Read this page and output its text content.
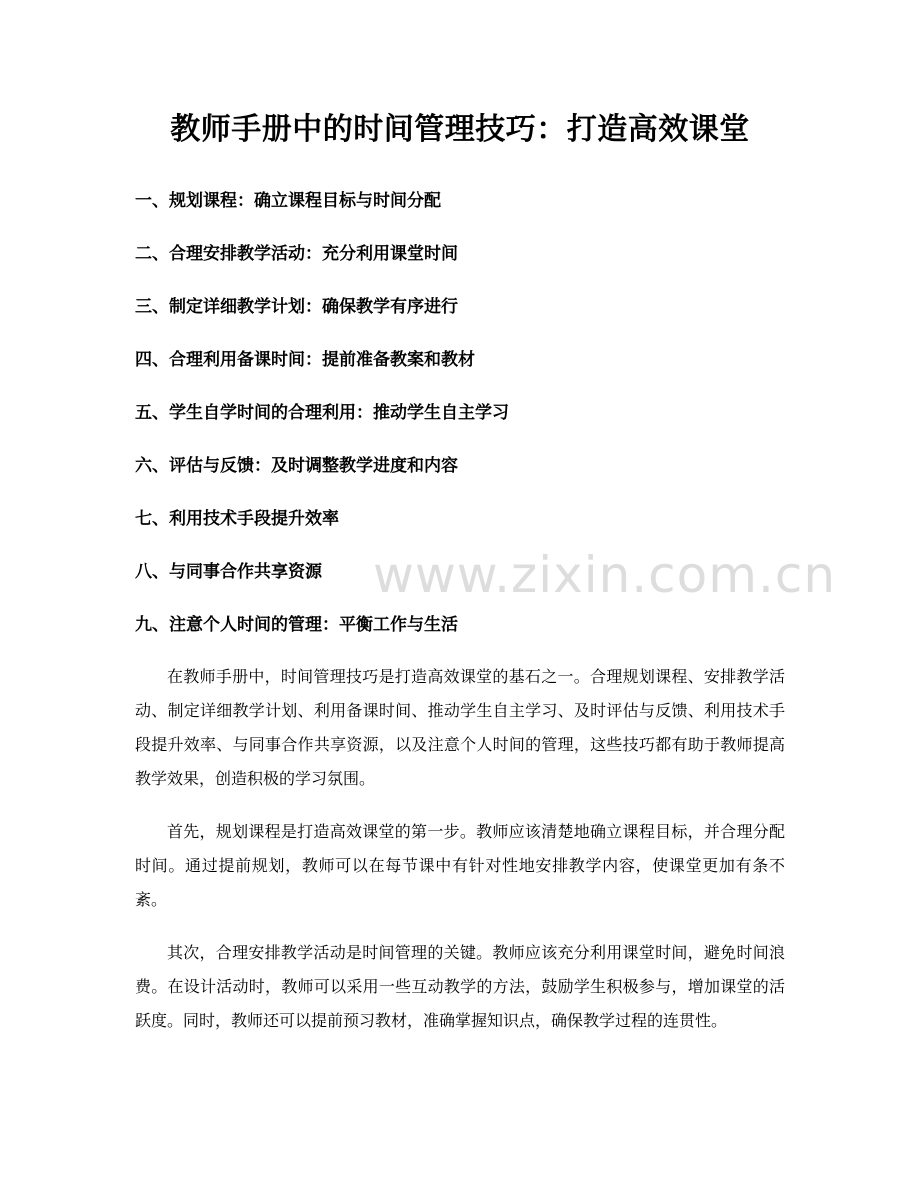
教师手册中的时间管理技巧：打造高效课堂
一、规划课程：确立课程目标与时间分配
二、合理安排教学活动：充分利用课堂时间
三、制定详细教学计划：确保教学有序进行
四、合理利用备课时间：提前准备教案和教材
五、学生自学时间的合理利用：推动学生自主学习
六、评估与反馈：及时调整教学进度和内容
七、利用技术手段提升效率
八、与同事合作共享资源
九、注意个人时间的管理：平衡工作与生活

在教师手册中，时间管理技巧是打造高效课堂的基石之一。合理规划课程、安排教学活动、制定详细教学计划、利用备课时间、推动学生自主学习、及时评估与反馈、利用技术手段提升效率、与同事合作共享资源，以及注意个人时间的管理，这些技巧都有助于教师提高教学效果，创造积极的学习氛围。

首先，规划课程是打造高效课堂的第一步。教师应该清楚地确立课程目标，并合理分配时间。通过提前规划，教师可以在每节课中有针对性地安排教学内容，使课堂更加有条不紊。

其次，合理安排教学活动是时间管理的关键。教师应该充分利用课堂时间，避免时间浪费。在设计活动时，教师可以采用一些互动教学的方法，鼓励学生积极参与，增加课堂的活跃度。同时，教师还可以提前预习教材，准确掌握知识点，确保教学过程的连贯性。

www.zixin.com.cn
